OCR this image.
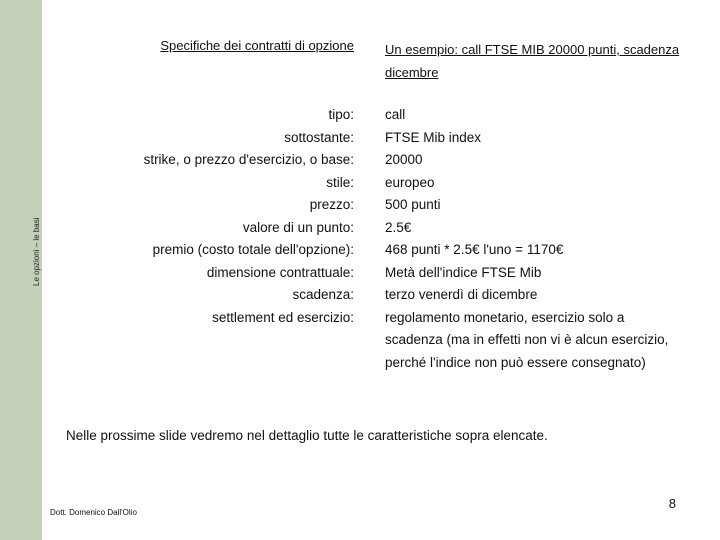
Le opzioni – le basi
Specifiche dei contratti di opzione Un esempio: call FTSE MIB 20000 punti, scadenza dicembre
tipo:
sottostante:
strike, o prezzo d'esercizio, o base:
stile:
prezzo:
valore di un punto:
premio (costo totale dell'opzione):
dimensione contrattuale:
scadenza:
settlement ed esercizio:
call
FTSE Mib index
20000
europeo
500 punti
2.5€
468 punti * 2.5€ l'uno = 1170€
Metà dell'indice FTSE Mib
terzo venerdì di dicembre
regolamento monetario, esercizio solo a scadenza (ma in effetti non vi è alcun esercizio, perché l'indice non può essere consegnato)
Nelle prossime slide vedremo nel dettaglio tutte le caratteristiche sopra elencate.
Dott. Domenico Dall'Olio
8
